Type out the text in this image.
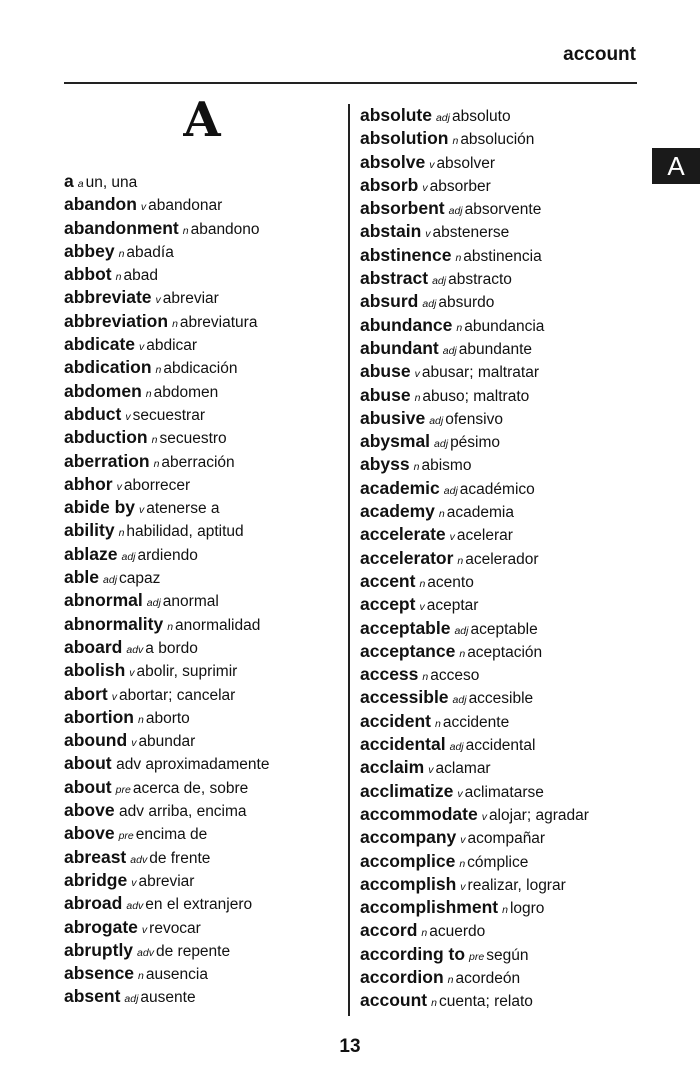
account
A
A
aa un, una
abandon v abandonar
abandonment n abandono
abbey n abadía
abbot n abad
abbreviate v abreviar
abbreviation n abreviatura
abdicate v abdicar
abdication n abdicación
abdomen n abdomen
abduct v secuestrar
abduction n secuestro
aberration n aberración
abhor v aborrecer
abide by v atenerse a
ability n habilidad, aptitud
ablaze adj ardiendo
able adj capaz
abnormal adj anormal
abnormality n anormalidad
aboard adv a bordo
abolish v abolir, suprimir
abort v abortar; cancelar
abortion n aborto
abound v abundar
about adv aproximadamente
about pre acerca de, sobre
above adv arriba, encima
above pre encima de
abreast adv de frente
abridge v abreviar
abroad adv en el extranjero
abrogate v revocar
abruptly adv de repente
absence n ausencia
absent adj ausente
absolute adj absoluto
absolution n absolución
absolve v absolver
absorb v absorber
absorbent adj absorvente
abstain v abstenerse
abstinence n abstinencia
abstract adj abstracto
absurd adj absurdo
abundance n abundancia
abundant adj abundante
abuse v abusar; maltratar
abuse n abuso; maltrato
abusive adj ofensivo
abysmal adj pésimo
abyss n abismo
academic adj académico
academy n academia
accelerate v acelerar
accelerator n acelerador
accent n acento
accept v aceptar
acceptable adj aceptable
acceptance n aceptación
access n acceso
accessible adj accesible
accident n accidente
accidental adj accidental
acclaim v aclamar
acclimatize v aclimatarse
accommodate v alojar; agradar
accompany v acompañar
accomplice n cómplice
accomplish v realizar, lograr
accomplishment n logro
accord n acuerdo
according to pre según
accordion n acordeón
account n cuenta; relato
13
